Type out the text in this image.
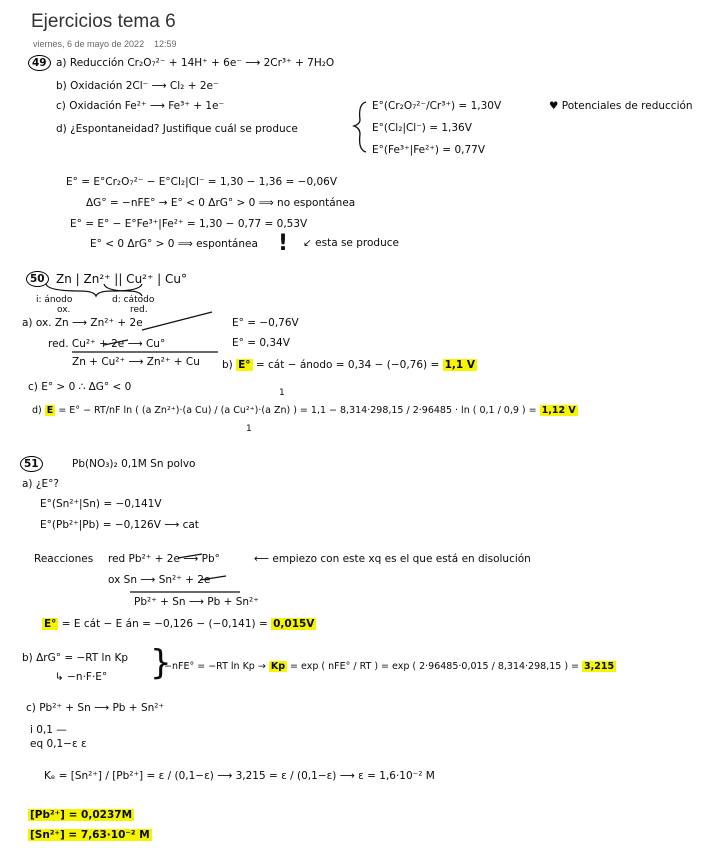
Ejercicios tema 6
viernes, 6 de mayo de 2022 12:59
49 a) Reducción Cr₂O₇²⁻ + 14H⁺ + 6e⁻ ⟶ 2Cr³⁺ + 7H₂O
b) Oxidación 2Cl⁻ ⟶ Cl₂ + 2e⁻
c) Oxidación Fe²⁺ ⟶ Fe³⁺ + 1e⁻
d) ¿Espontaneidad? Justifique cuál se produce
E°(Cr₂O₇²⁻/Cr³⁺) = 1,30V
E°(Cl₂|Cl⁻) = 1,36V
E°(Fe³⁺|Fe²⁺) = 0,77V
♥ Potenciales de reducción
E° = E°Cr₂O₇²⁻ − E°Cl₂|Cl⁻ = 1,30 − 1,36 = −0,06V
ΔG° = −nFE° → E° < 0 ΔrG° > 0 ⟹ no espontánea
E° = E° − E°Fe³⁺|Fe²⁺ = 1,30 − 0,77 = 0,53V
E° < 0 ΔrG° > 0 ⟹ espontánea ! ↙ esta se produce
50 Zn | Zn²⁺ || Cu²⁺ | Cu°
i: ánodo
ox.
d: cátodo
red.
a) ox. Zn ⟶ Zn²⁺ + 2e	E° = −0,76V
red. Cu²⁺ + 2e ⟶ Cu°	E° = 0,34V
Zn + Cu²⁺ ⟶ Zn²⁺ + Cu b) E° = cát − ánodo = 0,34 − (−0,76) = 1,1 V
c) E° > 0 ∴ ΔG° < 0	1
d) E = E° − RT/nF ln ( (a Zn²⁺)·(a Cu) / (a Cu²⁺)·(a Zn) ) = 1,1 − 8,314·298,15 / 2·96485 · ln ( 0,1 / 0,9 ) = 1,12 V
1
51	Pb(NO₃)₂ 0,1M Sn polvo
a) ¿E°?
E°(Sn²⁺|Sn) = −0,141V
E°(Pb²⁺|Pb) = −0,126V ⟶ cat
Reacciones red Pb²⁺ + 2e ⟶ Pb°	⟵ empiezo con este xq es el que está en disolución
ox Sn ⟶ Sn²⁺ + 2e
Pb²⁺ + Sn ⟶ Pb + Sn²⁺
E° = E cát − E án = −0,126 − (−0,141) = 0,015V
b) ΔrG° = −RT ln Kp
↳ −n·F·E° }
−nFE° = −RT ln Kp → Kp = exp ( nFE° / RT ) = exp ( 2·96485·0,015 / 8,314·298,15 ) = 3,215
c) Pb²⁺ + Sn ⟶ Pb + Sn²⁺
i 0,1 —
eq 0,1−ε ε
Kₑ = [Sn²⁺] / [Pb²⁺] = ε / (0,1−ε) ⟶ 3,215 = ε / (0,1−ε) ⟶ ε = 1,6·10⁻² M
[Pb²⁺] = 0,0237M
[Sn²⁺] = 7,63·10⁻² M
